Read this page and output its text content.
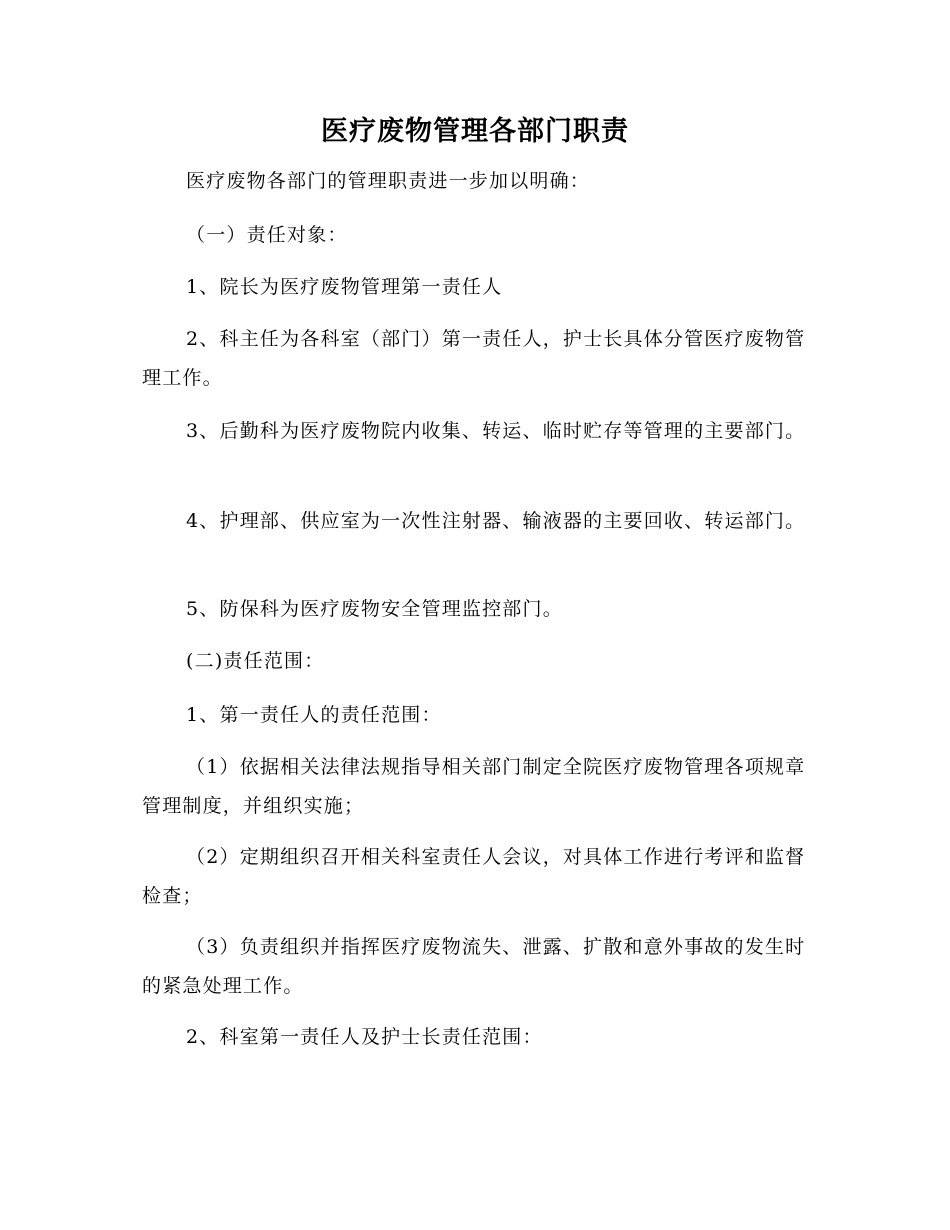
医疗废物管理各部门职责

医疗废物各部门的管理职责进一步加以明确：

（一）责任对象：

1、院长为医疗废物管理第一责任人

2、科主任为各科室（部门）第一责任人，护士长具体分管医疗废物管理工作。

3、后勤科为医疗废物院内收集、转运、临时贮存等管理的主要部门。

4、护理部、供应室为一次性注射器、输液器的主要回收、转运部门。

5、防保科为医疗废物安全管理监控部门。

(二)责任范围：

1、第一责任人的责任范围：

（1）依据相关法律法规指导相关部门制定全院医疗废物管理各项规章管理制度，并组织实施；

（2）定期组织召开相关科室责任人会议，对具体工作进行考评和监督检查；

（3）负责组织并指挥医疗废物流失、泄露、扩散和意外事故的发生时的紧急处理工作。

2、科室第一责任人及护士长责任范围：
